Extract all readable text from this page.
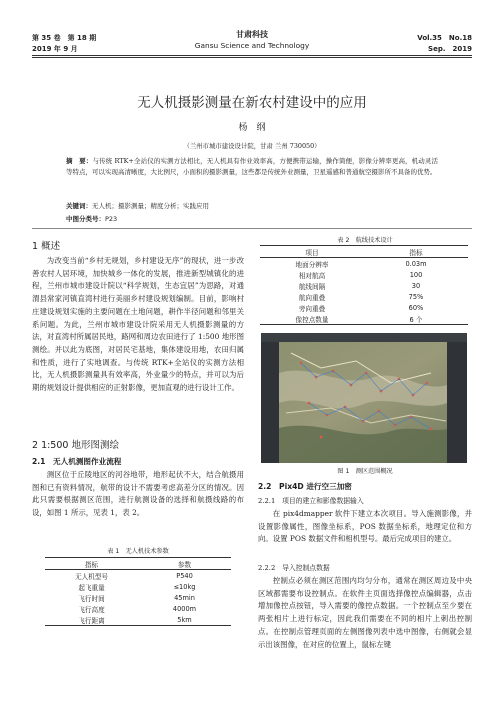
第 35 卷　第 18 期
2019 年 9 月
甘肃科技
Gansu Science and Technology
Vol.35　No.18
Sep.　2019
无人机摄影测量在新农村建设中的应用
杨　纲
（兰州市城市建设设计院，甘肃 兰州 730050）
摘　要：与传统 RTK+全站仪的实测方法相比，无人机具有作业效率高，方便携带运输，操作简便，影像分辨率更高，机动灵活等特点，可以实现高清晰度，大比例尺，小面积的摄影测量，这些都是传统外业测量，卫星遥感和普通航空摄影所不具备的优势。
关键词：无人机；摄影测量；精度分析；实践应用
中图分类号：P23
1 概述

为改变当前“乡村无规划，乡村建设无序”的现状，进一步改善农村人居环境，加快城乡一体化的发展，推进新型城镇化的进程，兰州市城市建设计院以“科学规划，生态宜居”为思路，对通渭县常家河镇直湾村进行美丽乡村建设规划编制。目前，影响村庄建设规划实施的主要问题在土地问题，耕作半径问题和邻里关系问题。为此，兰州市城市建设计院采用无人机摄影测量的方法，对直湾村所属居民地，路网和周边农田进行了 1:500 地形图测绘。并以此为底图，对居民宅基地，集体建设用地，农田归属和性质，进行了实地调查。与传统 RTK+全站仪的实测方法相比，无人机摄影测量具有效率高，外业量少的特点，并可以为后期的规划设计提供相应的正射影像，更加直观的进行设计工作。

2 1:500 地形图测绘
2.1　无人机测图作业流程

测区位于丘陵地区的河谷地带，地形起伏不大，结合航摄用图和已有资料情况，航带的设计不需要考虑高差分区的情况。因此只需要根据测区范围，进行航测设备的选择和航摄线路的布设，如图 1 所示，见表 1，表 2。

表 1　无人机技术参数
指标	参数
无人机型号	P540
起飞重量	≤10kg
飞行时间	45min
飞行高度	4000m
飞行距离	5km
表 2　航线技术设计
项目	指标
地面分辨率	0.03m
相对航高	100
航线间隔	30
航向重叠	75%
旁向重叠	60%
像控点数量	6 个
图 1　测区范围概况
2.2　Pix4D 进行空三加密
2.2.1　项目的建立和影像数据输入

在 pix4dmapper 软件下建立本次项目。导入施测影像，并设置影像属性，图像坐标系，POS 数据坐标系，地理定位和方向。设置 POS 数据文件和相机型号。最后完成项目的建立。

2.2.2　导入控制点数据

控制点必须在测区范围内均匀分布，通常在测区周边及中央区域都需要布设控制点。在软件主页面选择像控点编辑器，点击增加像控点按钮，导入需要的像控点数据。一个控制点至少要在两张相片上进行标定，因此我们需要在不同的相片上刺出控制点。在控制点管理页面的左侧图像列表中选中图像，右侧就会显示出该图像，在对应的位置上，鼠标左键
